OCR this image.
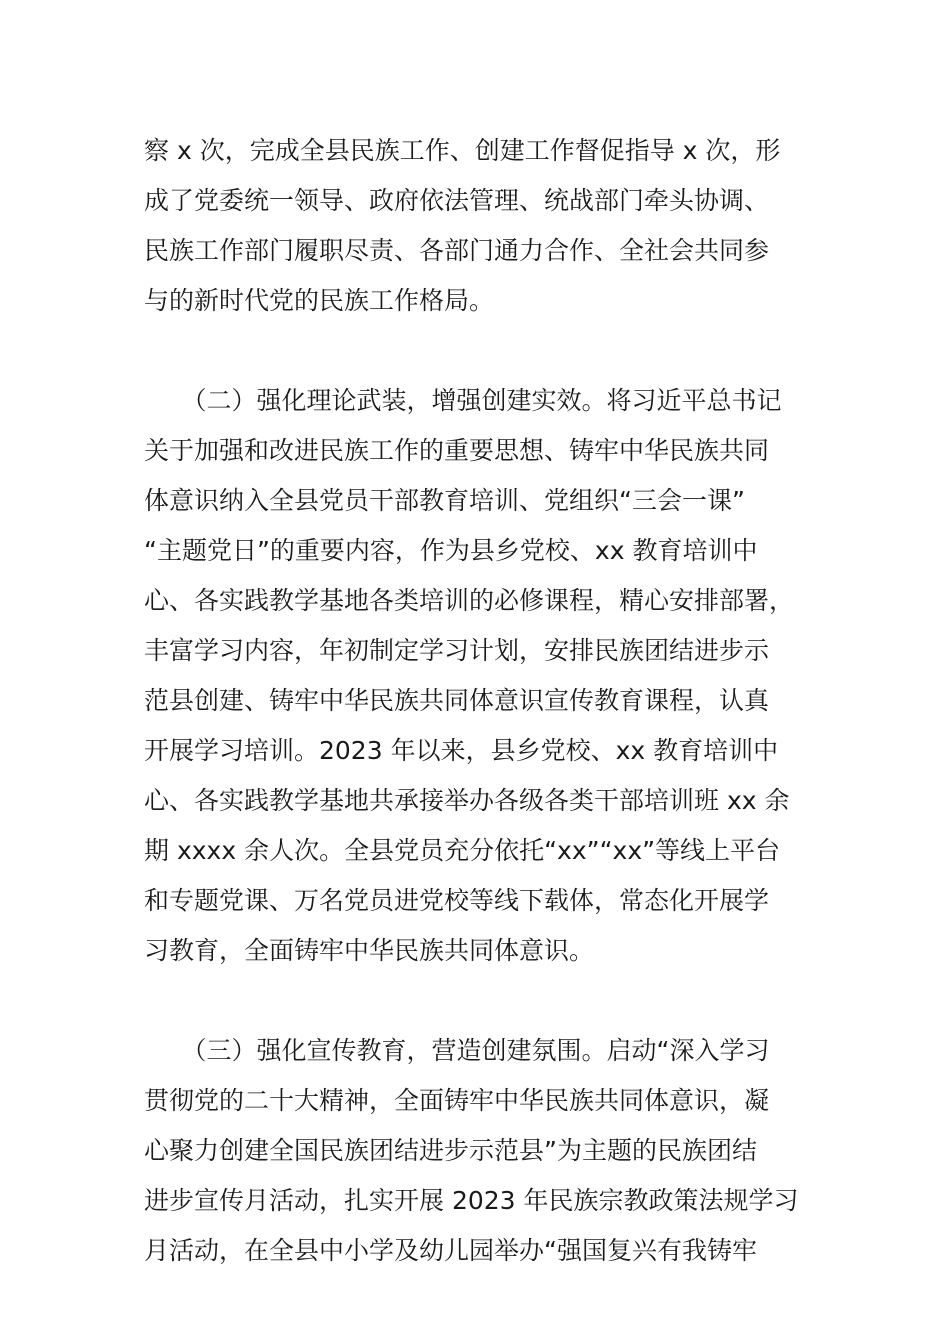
察 x 次，完成全县民族工作、创建工作督促指导 x 次，形
成了党委统一领导、政府依法管理、统战部门牵头协调、
民族工作部门履职尽责、各部门通力合作、全社会共同参
与的新时代党的民族工作格局。
　　（二）强化理论武装，增强创建实效。将习近平总书记
关于加强和改进民族工作的重要思想、铸牢中华民族共同
体意识纳入全县党员干部教育培训、党组织“三会一课”
“主题党日”的重要内容，作为县乡党校、xx 教育培训中
心、各实践教学基地各类培训的必修课程，精心安排部署，
丰富学习内容，年初制定学习计划，安排民族团结进步示
范县创建、铸牢中华民族共同体意识宣传教育课程，认真
开展学习培训。2023 年以来，县乡党校、xx 教育培训中
心、各实践教学基地共承接举办各级各类干部培训班 xx 余
期 xxxx 余人次。全县党员充分依托“xx”“xx”等线上平台
和专题党课、万名党员进党校等线下载体，常态化开展学
习教育，全面铸牢中华民族共同体意识。
　　（三）强化宣传教育，营造创建氛围。启动“深入学习
贯彻党的二十大精神，全面铸牢中华民族共同体意识，凝
心聚力创建全国民族团结进步示范县”为主题的民族团结
进步宣传月活动，扎实开展 2023 年民族宗教政策法规学习
月活动，在全县中小学及幼儿园举办“强国复兴有我铸牢
